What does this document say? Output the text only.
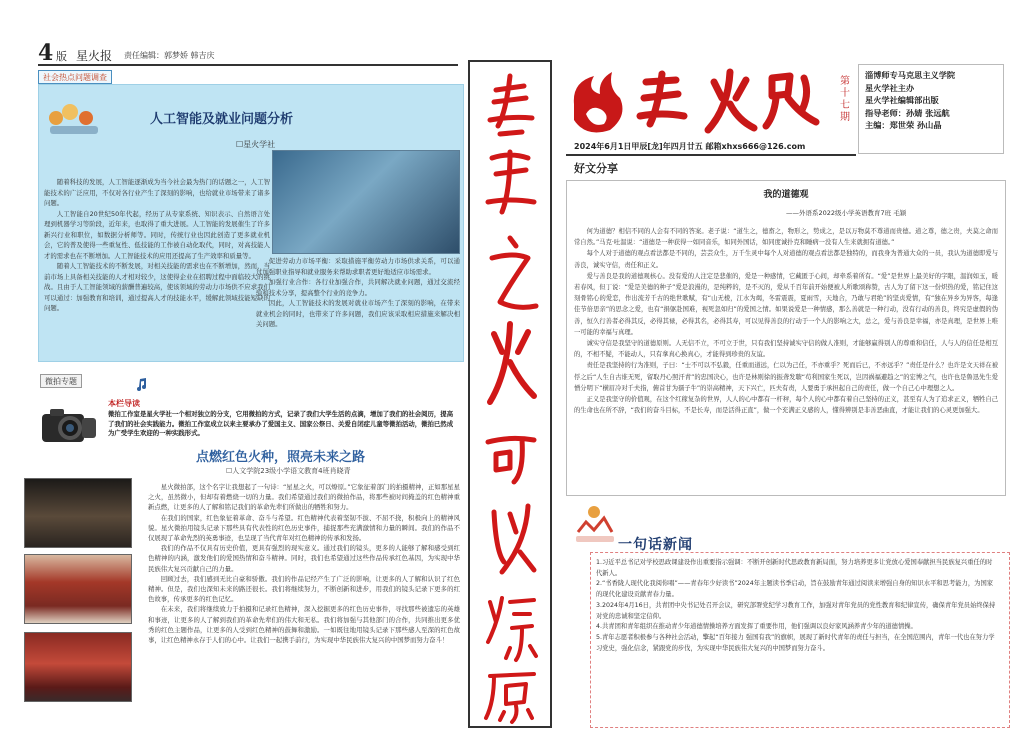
4 版 星火报 责任编辑：郭梦娇 韩吉庆
社会热点问题调查
人工智能及就业问题分析
☐星火学社

随着科技的发展，人工智能逐渐成为当今社会最为热门的话题之一，人工智能技术的广泛应用，不仅对各行业产生了深刻的影响，也给就业市场带来了诸多问题。

人工智能自20世纪50年代起，经历了从专家系统、知识表示、自然语言处理到机器学习等阶段，近年来，也取得了重大进展。人工智能的发展催生了许多新兴行业和职位，如数据分析师等。同时，传统行业也因此创造了更多就业机会，它的普及使得一些重复性、低技能的工作被自动化取代，同时，对高技能人才的需求也在不断增加。人工智能技术的应用还提高了生产效率和质量等。

随着人工智能技术的不断发展，对相关技能的需求也在不断增加，然而，当前市场上具备相关技能的人才相对较少，这使得企业在招聘过程中面临较大的挑战。且由于人工智能领域的薪酬普遍较高，使该领域的劳动力市场供不应求我们可以通过：加强教育和培训，通过提高人才的技能水平，缓解此领域技能短缺的问题。

促进劳动力市场平衡：采取措施平衡劳动力市场供求关系，可以通过加强职业指导和就业服务来帮助求职者更好地适应市场需求。

加强行业合作：各行业加强合作，共同解决就业问题，通过交流经验和技术分享，提高整个行业的竞争力。

因此，人工智能技术的发展对就业市场产生了深刻的影响，在带来就业机会的同时，也带来了许多问题，我们应该采取相应措施来解决相关问题。

微拍专题
本栏导读
微拍工作室是星火学社一个相对独立的分支，它用微拍的方式，记录了我们大学生活的点滴，增加了我们的社会阅历，提高了我们的社会实践能力。微拍工作室成立以来主要承办了爱国主义、国家公祭日、关爱自闭症儿童等微拍活动，微拍已然成为广受学生欢迎的一种实践形式。
点燃红色火种，照亮未来之路
☐人文学院23级小学语文教育4班肖晓青

星火微拍部，这个名字让我想起了一句诗：“星星之火，可以燎原。”它象征着部门的拍摄精神，正如那星星之火，虽然微小，但却有着燃烧一切的力量。我们希望通过我们的微拍作品，将那些被时间掩盖的红色精神重新点燃，让更多的人了解和铭记我们的革命先辈们所做出的牺牲和努力。

在我们的国家，红色象征着革命、奋斗与希望。红色精神代表着坚韧不拔、不屈不挠，积极向上的精神风貌。星火微拍用镜头记录下那些具有代表性的红色历史事件，捕捉那些充满激情和力量的瞬间。我们的作品不仅展现了革命先烈的英勇事迹，也呈现了当代青年对红色精神的传承和发扬。

我们的作品不仅具有历史价值，更具有强烈的现实意义。通过我们的镜头，更多的人能够了解和感受到红色精神的内涵，激发他们的爱国热情和奋斗精神。同时，我们也希望通过这些作品传承红色基因，为实现中华民族伟大复兴贡献自己的力量。

回顾过去，我们感到无比自豪和骄傲。我们的作品记经产生了广泛的影响，让更多的人了解和认识了红色精神。但是，我们也深知未来的路还很长。我们将继续努力，不断创新和进步，用我们的镜头记录下更多的红色故事，传承更多的红色记忆。

在未来，我们将继续致力于拍摄和记录红色精神，深入挖掘更多的红色历史事件，寻找那些被遗忘的英雄和事迹，让更多的人了解到我们的革命先辈们的伟大和无私。我们将加强与其他部门的合作，共同推出更多优秀的红色主题作品，让更多的人受到红色精神的鼓舞和激励。一如既往地用镜头记录下那些感人至深的红色故事，让红色精神永存于人们的心中。让我们一起携手前行，为实现中华民族伟大复兴的中国梦而努力奋斗！

第十七期
淄博师专马克思主义学院
星火学社主办
星火学社编辑部出版
指导老师：孙婧 张远航
主编：郑世荣 孙山晶
2024年6月1日甲辰[龙]年四月廿五 邮箱xhxs666@126.com
好文分享
我的道德观
——外语系2022级小学英语教育7班 毛颖

何为道德？相信不同的人会有不同的答案。老子说：“道生之，德畜之，物形之，势成之，是以万物莫不尊道而贵德。道之尊，德之贵，夫莫之命而常自然。”马克·吐温说：“道德是一种获得一如同音乐，如同外国话，如同度诚扑克和睡病一没有人生来就拥有道德。”

每个人对于道德的观点看法都是不同的，芸芸众生，万千生灵中每个人对道德的观点看法都是独特的，而我身为普通大众的一员，我认为道德即爱与善良，诚实守信，责任和正义。

爱与善良是我的道德观核心。没有爱的人注定是悲催的，爱是一种感情，它藏匿于心间，却牵系着所有。“爱”是世界上最美好的字眼，温润如玉，暖若春风，但丁说：“爱是美德的种子”爱是浪漫的，是纯粹的，是不灭的，爱从千百年前开始便被人所歌颂称赞，古人为了留下这一份炽热的爱，铭记住这刻骨铭心的爱恋，作出流芳千古的绝世歌赋，有“山无棱，江水为竭，冬雷震震，夏雨雪，天地合，乃敢与君绝”的坚贞爱情，有“独在异乡为异客，每逢佳节倍思亲”的思念之爱，也有“捐躯赴国难，视死忽如归”的爱国之情。如果说爱是一种情感，那么善就是一种行动，没有行动的善良，终究是虚假的伪善，恒久行善者必得其反，必得其禄，必得其名，必得其寿，可以见得善良的行动于一个人的影响之大，总之，爱与善良是幸福，亦是真理，是世界上唯一可能的幸福与真理。

诚实守信是我坚守的道德原则。人无信不立，不可立于世，只有我们坚持诚实守信的做人准则，才能够赢得别人的尊重和信任，人与人的信任是相互的，不相不疑，不能动人，只有拿真心换真心，才能得到珍贵的友谊。

责任是我坚持的行为准则，子曰：“士不可以不弘毅，任重而道远，仁以为己任，不亦重乎？死而后已，不亦远乎？”责任是什么？也许是文天祥在被俘之后“人生自古谁无死，留取丹心照汗青”的忠国决心，也许是林则徐的振聋发聩“苟利国家生死以，岂因祸福避趋之”的宏博之气，也许也是鲁迅先生爱憎分明下“横眉冷对千夫指，俯首甘为孺子牛”的崇高精神，天下兴亡，匹夫有责，人要勇于承担起自己的责任，做一个自己心中理想之人。

正义是我坚守的价值观，在这个红稼复杂的世界，人人的心中都有一杆秤，每个人的心中都有着自己坚持的正义，甚至有人为了追求正义，牺牲自己的生命也在所不辞，“我们的奋斗目标，不是长寿，而是活得正直”，做一个充满正义感的人，懂得辨别是非善恶曲直，才能让我们的心灵更加强大。

一句话新闻

1.习近平总书记对学校思政课建设作出重要指示强调：不断开创新时代思政教育新局面，努力培养更多让党放心爱国奉献担当民族复兴重任的时代新人。

2.“书香陇人现代化我阅你唱”——青春年少好读书”2024年主题读书季启动，旨在鼓励青年通过阅读来增强自身的知识水平和思考能力，为国家的现代化建设贡献青春力量。

3.2024年4月16日，共青团中央书记处召开会议，研究部署党纪学习教育工作，加强对青年党员的党性教育和纪律宣传，确保青年党员始终保持对党的忠诚和坚定信仰。

4.共青团和青年组织在推动青少年道德情操培养方面发挥了重要作用，他们强调以良好家风涵养青少年的道德情操。

5.青年志愿者积极参与各种社会活动，擎起“百年接力 强国有我”的旗帜，展现了新时代青年的责任与担当，在全国范围内，青年一代也在努力学习党史，强化信念，紧跟党的步伐，为实现中华民族伟大复兴的中国梦而努力奋斗。
